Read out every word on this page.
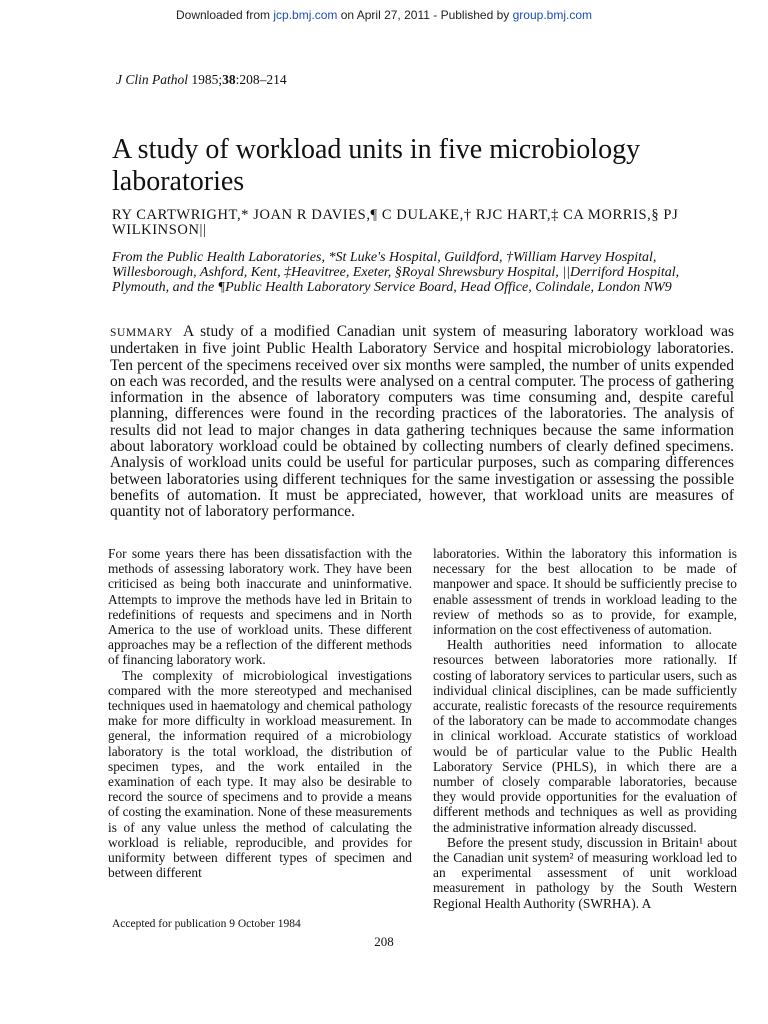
Downloaded from jcp.bmj.com on April 27, 2011 - Published by group.bmj.com
J Clin Pathol 1985;38:208–214
A study of workload units in five microbiology laboratories
RY CARTWRIGHT,* JOAN R DAVIES,¶ C DULAKE,† RJC HART,‡ CA MORRIS,§ PJ WILKINSON||
From the Public Health Laboratories, *St Luke's Hospital, Guildford, †William Harvey Hospital, Willesborough, Ashford, Kent, ‡Heavitree, Exeter, §Royal Shrewsbury Hospital, ||Derriford Hospital, Plymouth, and the ¶Public Health Laboratory Service Board, Head Office, Colindale, London NW9
SUMMARY A study of a modified Canadian unit system of measuring laboratory workload was undertaken in five joint Public Health Laboratory Service and hospital microbiology laboratories. Ten percent of the specimens received over six months were sampled, the number of units expended on each was recorded, and the results were analysed on a central computer. The process of gathering information in the absence of laboratory computers was time consuming and, despite careful planning, differences were found in the recording practices of the laboratories. The analysis of results did not lead to major changes in data gathering techniques because the same information about laboratory workload could be obtained by collecting numbers of clearly defined specimens. Analysis of workload units could be useful for particular purposes, such as comparing differences between laboratories using different techniques for the same investigation or assessing the possible benefits of automation. It must be appreciated, however, that workload units are measures of quantity not of laboratory performance.

For some years there has been dissatisfaction with the methods of assessing laboratory work. They have been criticised as being both inaccurate and uninformative. Attempts to improve the methods have led in Britain to redefinitions of requests and specimens and in North America to the use of workload units. These different approaches may be a reflection of the different methods of financing laboratory work.

The complexity of microbiological investigations compared with the more stereotyped and mechanised techniques used in haematology and chemical pathology make for more difficulty in workload measurement. In general, the information required of a microbiology laboratory is the total workload, the distribution of specimen types, and the work entailed in the examination of each type. It may also be desirable to record the source of specimens and to provide a means of costing the examination. None of these measurements is of any value unless the method of calculating the workload is reliable, reproducible, and provides for uniformity between different types of specimen and between different

laboratories. Within the laboratory this information is necessary for the best allocation to be made of manpower and space. It should be sufficiently precise to enable assessment of trends in workload leading to the review of methods so as to provide, for example, information on the cost effectiveness of automation.

Health authorities need information to allocate resources between laboratories more rationally. If costing of laboratory services to particular users, such as individual clinical disciplines, can be made sufficiently accurate, realistic forecasts of the resource requirements of the laboratory can be made to accommodate changes in clinical workload. Accurate statistics of workload would be of particular value to the Public Health Laboratory Service (PHLS), in which there are a number of closely comparable laboratories, because they would provide opportunities for the evaluation of different methods and techniques as well as providing the administrative information already discussed.

Before the present study, discussion in Britain¹ about the Canadian unit system² of measuring workload led to an experimental assessment of unit workload measurement in pathology by the South Western Regional Health Authority (SWRHA). A

Accepted for publication 9 October 1984
208
